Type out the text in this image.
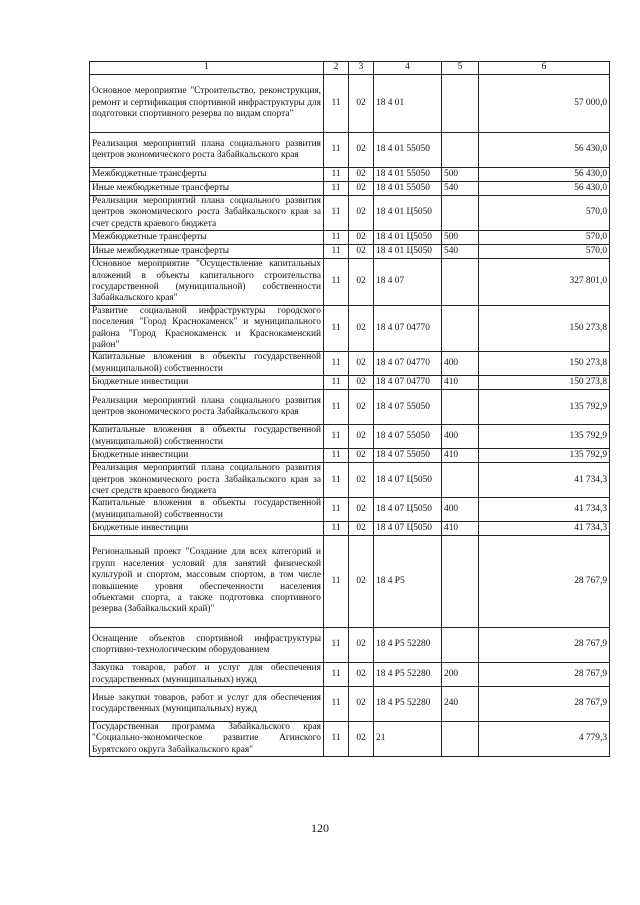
1	2	3	4	5	6
Основное мероприятие "Строительство, реконструкция, ремонт и сертификация спортивной инфраструктуры для подготовки спортивного резерва по видам спорта"	11	02	18 4 01		57 000,0
Реализация мероприятий плана социального развития центров экономического роста Забайкальского края	11	02	18 4 01 55050		56 430,0
Межбюджетные трансферты	11	02	18 4 01 55050	500	56 430,0
Иные межбюджетные трансферты	11	02	18 4 01 55050	540	56 430,0
Реализация мероприятий плана социального развития центров экономического роста Забайкальского края за счет средств краевого бюджета	11	02	18 4 01 Ц5050		570,0
Межбюджетные трансферты	11	02	18 4 01 Ц5050	500	570,0
Иные межбюджетные трансферты	11	02	18 4 01 Ц5050	540	570,0
Основное мероприятие "Осуществление капитальных вложений в объекты капитального строительства государственной (муниципальной) собственности Забайкальского края"	11	02	18 4 07		327 801,0
Развитие социальной инфраструктуры городского поселения "Город Краснокаменск" и муниципального района "Город Краснокаменск и Краснокаменский район"	11	02	18 4 07 04770		150 273,8
Капитальные вложения в объекты государственной (муниципальной) собственности	11	02	18 4 07 04770	400	150 273,8
Бюджетные инвестиции	11	02	18 4 07 04770	410	150 273,8
Реализация мероприятий плана социального развития центров экономического роста Забайкальского края	11	02	18 4 07 55050		135 792,9
Капитальные вложения в объекты государственной (муниципальной) собственности	11	02	18 4 07 55050	400	135 792,9
Бюджетные инвестиции	11	02	18 4 07 55050	410	135 792,9
Реализация мероприятий плана социального развития центров экономического роста Забайкальского края за счет средств краевого бюджета	11	02	18 4 07 Ц5050		41 734,3
Капитальные вложения в объекты государственной (муниципальной) собственности	11	02	18 4 07 Ц5050	400	41 734,3
Бюджетные инвестиции	11	02	18 4 07 Ц5050	410	41 734,3
Региональный проект "Создание для всех категорий и групп населения условий для занятий физической культурой и спортом, массовым спортом, в том числе повышение уровня обеспеченности населения объектами спорта, а также подготовка спортивного резерва (Забайкальский край)"	11	02	18 4 P5		28 767,9
Оснащение объектов спортивной инфраструктуры спортивно-технологическим оборудованием	11	02	18 4 P5 52280		28 767,9
Закупка товаров, работ и услуг для обеспечения государственных (муниципальных) нужд	11	02	18 4 P5 52280	200	28 767,9
Иные закупки товаров, работ и услуг для обеспечения государственных (муниципальных) нужд	11	02	18 4 P5 52280	240	28 767,9
Государственная программа Забайкальского края "Социально-экономическое развитие Агинского Бурятского округа Забайкальского края"	11	02	21		4 779,3
120
